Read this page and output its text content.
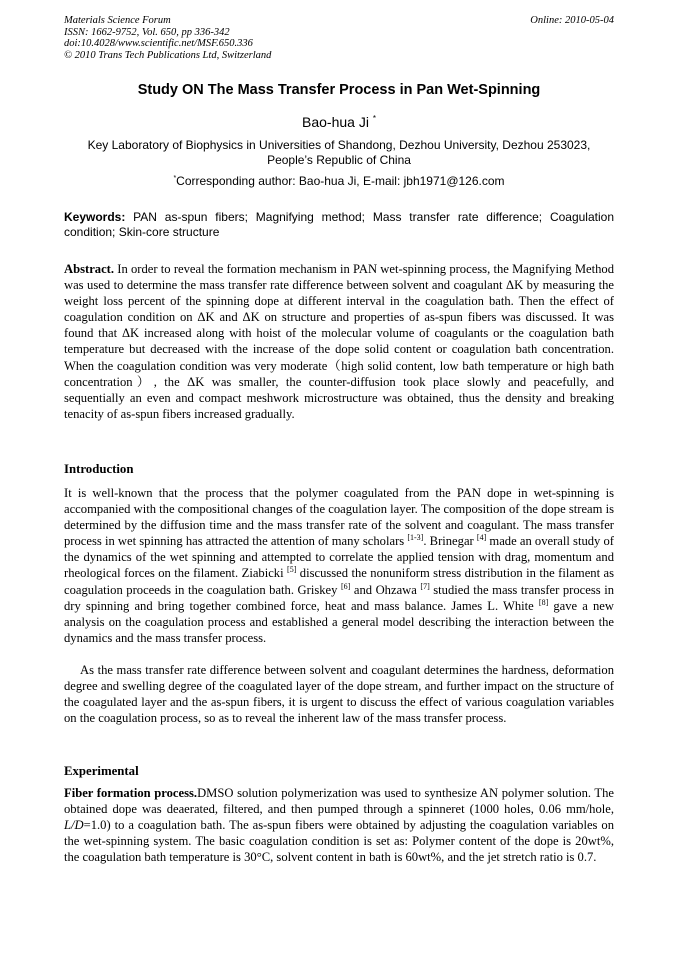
Materials Science Forum
ISSN: 1662-9752, Vol. 650, pp 336-342
doi:10.4028/www.scientific.net/MSF.650.336
© 2010 Trans Tech Publications Ltd, Switzerland
Online: 2010-05-04
Study ON The Mass Transfer Process in Pan Wet-Spinning
Bao-hua Ji *
Key Laboratory of Biophysics in Universities of Shandong, Dezhou University, Dezhou 253023, People’s Republic of China
*Corresponding author: Bao-hua Ji, E-mail: jbh1971@126.com
Keywords: PAN as-spun fibers; Magnifying method; Mass transfer rate difference; Coagulation condition; Skin-core structure
Abstract. In order to reveal the formation mechanism in PAN wet-spinning process, the Magnifying Method was used to determine the mass transfer rate difference between solvent and coagulant ΔK by measuring the weight loss percent of the spinning dope at different interval in the coagulation bath. Then the effect of coagulation condition on ΔK and ΔK on structure and properties of as-spun fibers was discussed. It was found that ΔK increased along with hoist of the molecular volume of coagulants or the coagulation bath temperature but decreased with the increase of the dope solid content or coagulation bath concentration. When the coagulation condition was very moderate（high solid content, low bath temperature or high bath concentration）, the ΔK was smaller, the counter-diffusion took place slowly and peacefully, and sequentially an even and compact meshwork microstructure was obtained, thus the density and breaking tenacity of as-spun fibers increased gradually.
Introduction
It is well-known that the process that the polymer coagulated from the PAN dope in wet-spinning is accompanied with the compositional changes of the coagulation layer. The composition of the dope stream is determined by the diffusion time and the mass transfer rate of the solvent and coagulant. The mass transfer process in wet spinning has attracted the attention of many scholars [1-3]. Brinegar [4] made an overall study of the dynamics of the wet spinning and attempted to correlate the applied tension with drag, momentum and rheological forces on the filament. Ziabicki [5] discussed the nonuniform stress distribution in the filament as coagulation proceeds in the coagulation bath. Griskey [6] and Ohzawa [7] studied the mass transfer process in dry spinning and bring together combined force, heat and mass balance. James L. White [8] gave a new analysis on the coagulation process and established a general model describing the interaction between the dynamics and the mass transfer process.
As the mass transfer rate difference between solvent and coagulant determines the hardness, deformation degree and swelling degree of the coagulated layer of the dope stream, and further impact on the structure of the coagulated layer and the as-spun fibers, it is urgent to discuss the effect of various coagulation variables on the coagulation process, so as to reveal the inherent law of the mass transfer process.
Experimental
Fiber formation process.DMSO solution polymerization was used to synthesize AN polymer solution. The obtained dope was deaerated, filtered, and then pumped through a spinneret (1000 holes, 0.06 mm/hole, L/D=1.0) to a coagulation bath. The as-spun fibers were obtained by adjusting the coagulation variables on the wet-spinning system. The basic coagulation condition is set as: Polymer content of the dope is 20wt%, the coagulation bath temperature is 30°C, solvent content in bath is 60wt%, and the jet stretch ratio is 0.7.
